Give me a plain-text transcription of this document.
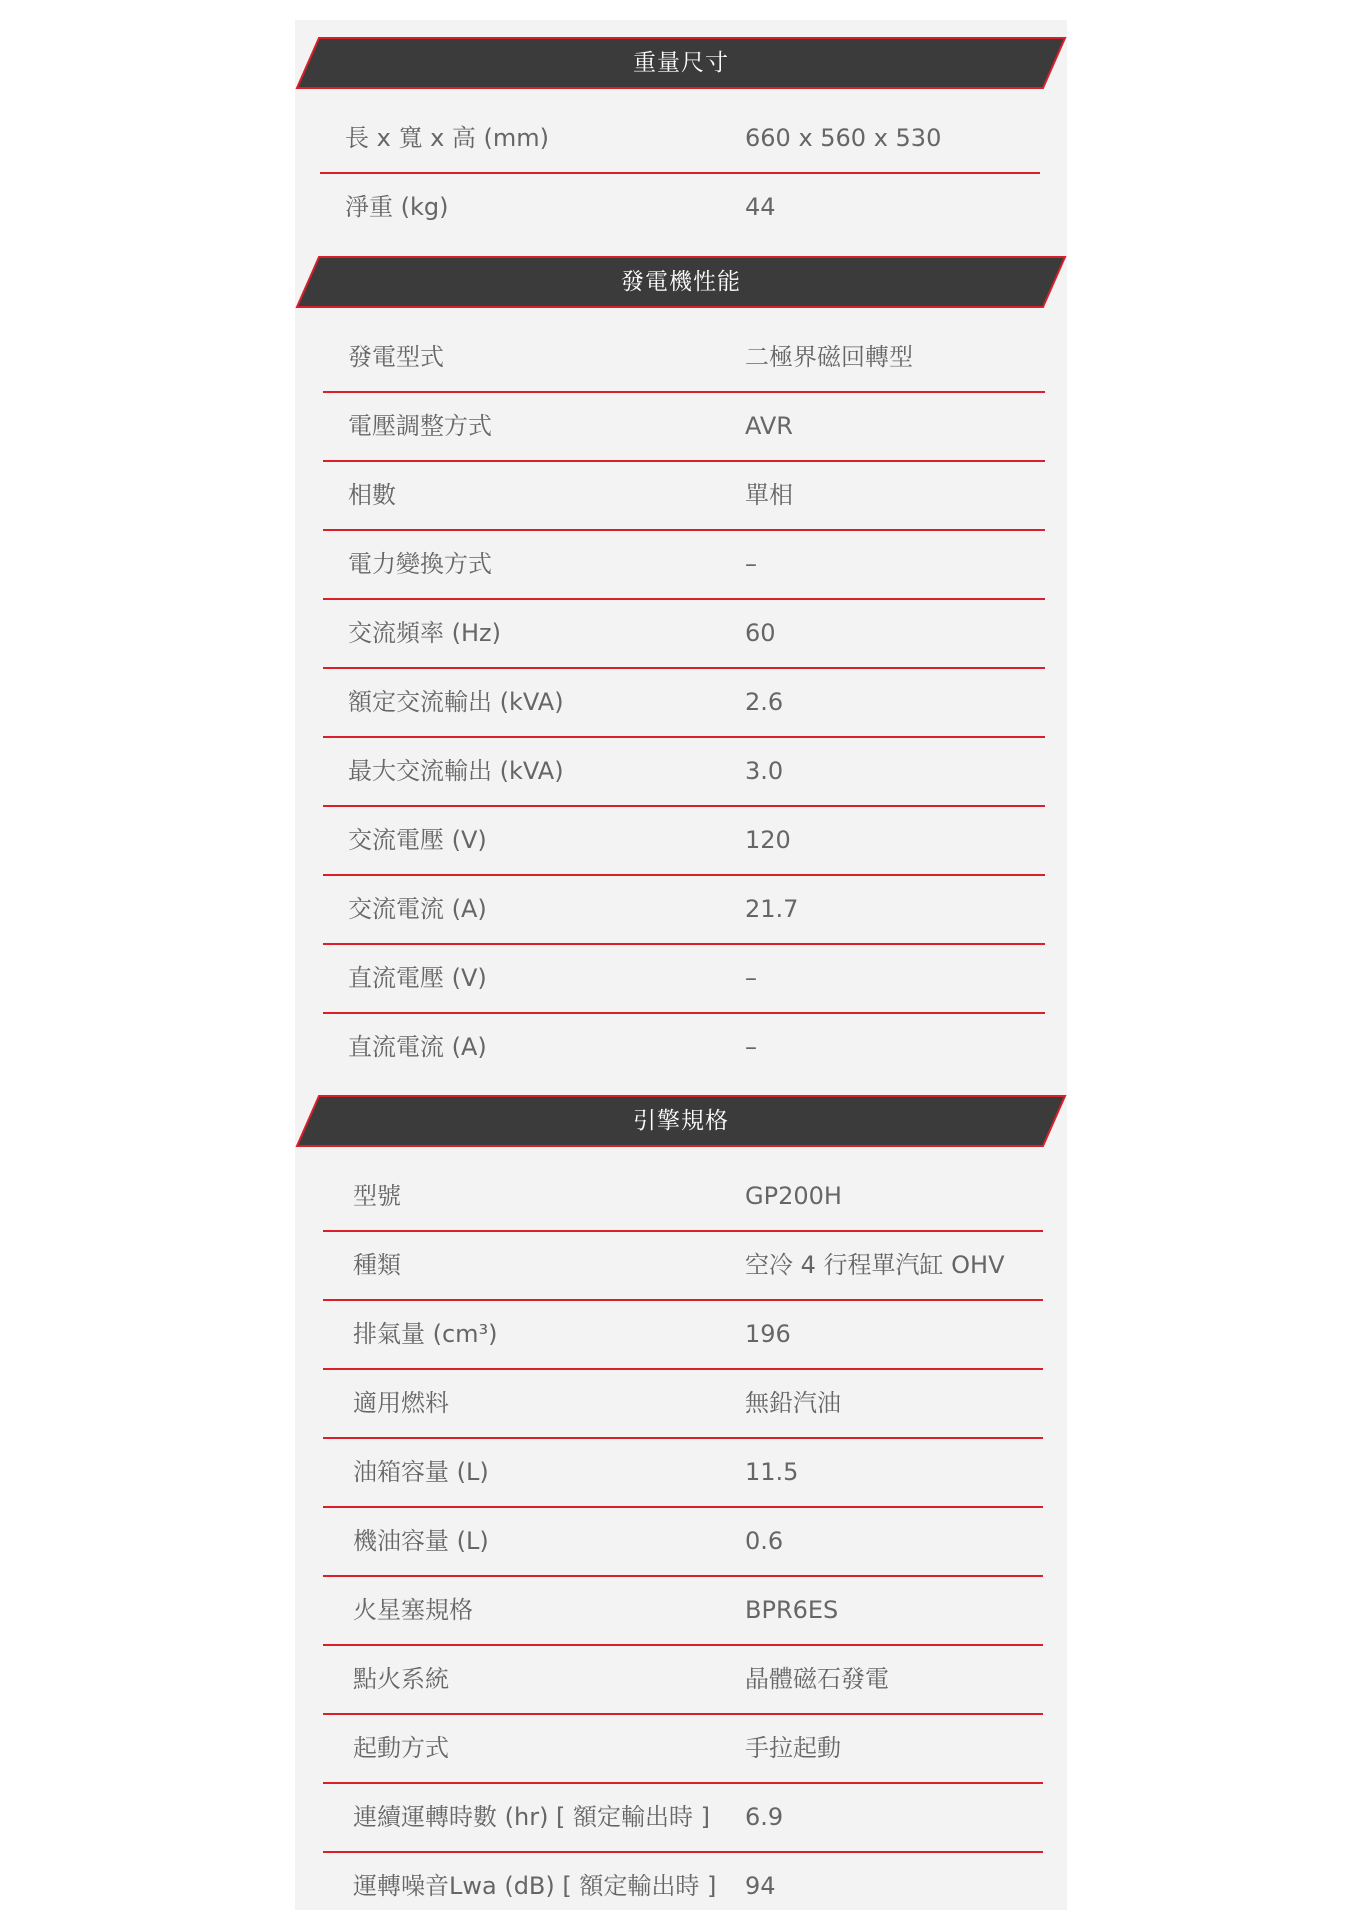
重量尺寸
長 x 寬 x 高 (mm)	660 x 560 x 530
淨重 (kg)	44
發電機性能
發電型式	二極界磁回轉型
電壓調整方式	AVR
相數	單相
電力變換方式	–
交流頻率 (Hz)	60
額定交流輸出 (kVA)	2.6
最大交流輸出 (kVA)	3.0
交流電壓 (V)	120
交流電流 (A)	21.7
直流電壓 (V)	–
直流電流 (A)	–
引擎規格
型號	GP200H
種類	空冷 4 行程單汽缸 OHV
排氣量 (cm³)	196
適用燃料	無鉛汽油
油箱容量 (L)	11.5
機油容量 (L)	0.6
火星塞規格	BPR6ES
點火系統	晶體磁石發電
起動方式	手拉起動
連續運轉時數 (hr) [ 額定輸出時 ] 6.9
運轉噪音Lwa (dB) [ 額定輸出時 ] 94
